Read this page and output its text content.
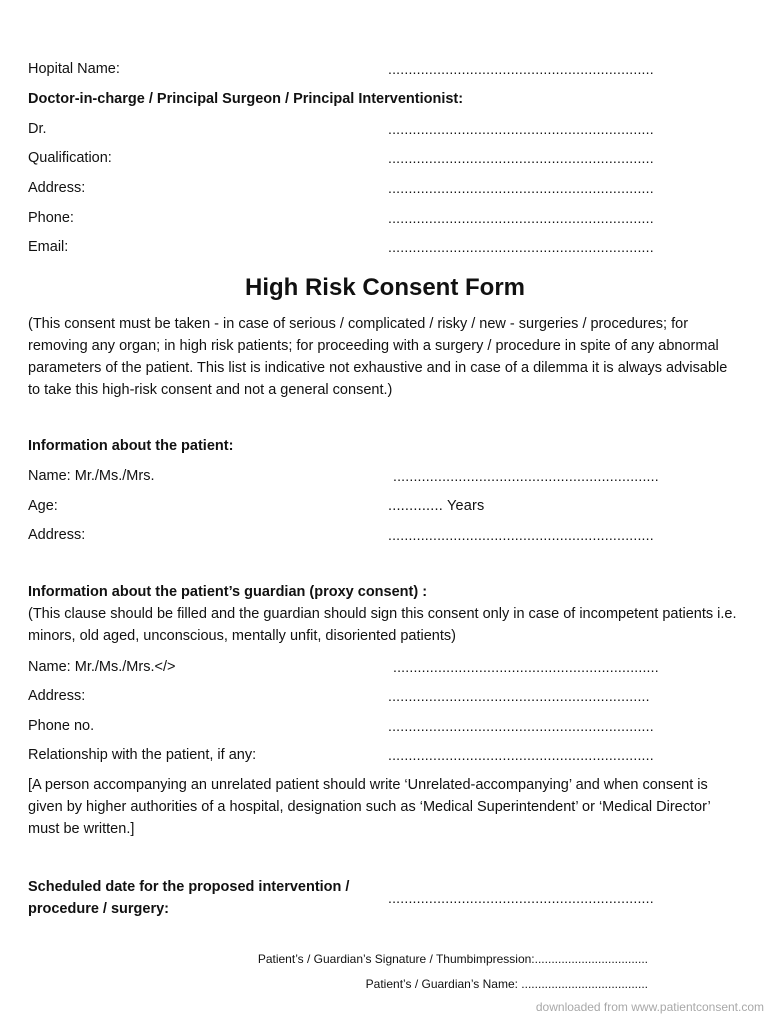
Hopital Name:	.................................................................
Doctor-in-charge / Principal Surgeon / Principal Interventionist:
Dr.	.................................................................
Qualification:	.................................................................
Address:	.................................................................
Phone:	.................................................................
Email:	.................................................................
High Risk Consent Form
(This consent must be taken - in case of serious / complicated / risky / new - surgeries / procedures; for removing any organ; in high risk patients; for proceeding with a surgery / procedure in spite of any abnormal parameters of the patient. This list is indicative not exhaustive and in case of a dilemma it is always advisable to take this high-risk consent and not a general consent.)
Information about the patient:
Name: Mr./Ms./Mrs.	.................................................................
Age:	............. Years
Address:	.................................................................
Information about the patient’s guardian (proxy consent) :
(This clause should be filled and the guardian should sign this consent only in case of incompetent patients i.e. minors, old aged, unconscious, mentally unfit, disoriented patients)
Name: Mr./Ms./Mrs.</>	.................................................................
Address:	................................................................
Phone no.	.................................................................
Relationship with the patient, if any:	.................................................................
[A person accompanying an unrelated patient should write ‘Unrelated-accompanying’ and when consent is given by higher authorities of a hospital, designation such as ‘Medical Superintendent’ or ‘Medical Director’ must be written.]
Scheduled date for the proposed intervention /
procedure / surgery:
.................................................................
Patient’s / Guardian’s Signature / Thumbimpression:..................................
Patient’s / Guardian’s Name: ......................................
downloaded from www.patientconsent.com
